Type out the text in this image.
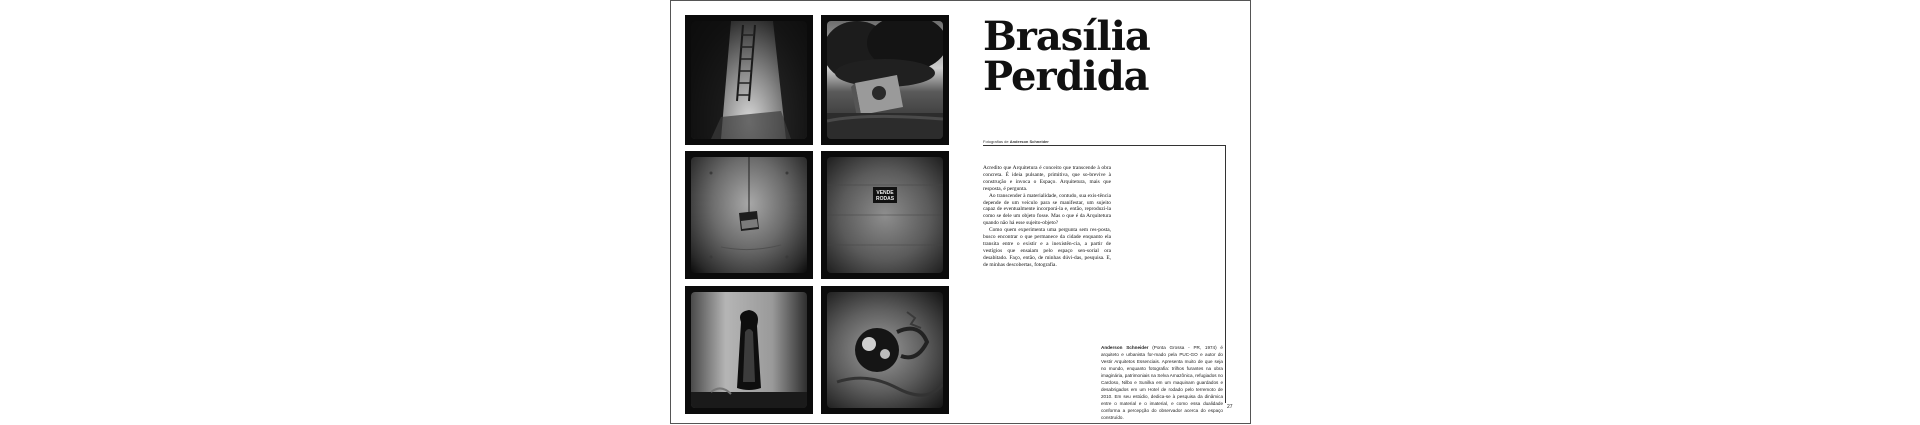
VENDE
RODAS
Brasília
Perdida
Fotografias de Anderson Schneider

Acredito que Arquitetura é conceito que transcende à obra concreta. É ideia pulsante, primitiva, que so-brevive à construção e invoca o Espaço. Arquitetura, mais que resposta, é pergunta.

Ao transcender à materialidade, contudo, sua exis-tência depende de um veículo para se manifestar, um sujeito capaz de eventualmente incorporá-la e, então, reproduzi-la como se dele um objeto fosse. Mas o que é da Arquitetura quando não há esse sujeito-objeto?

Como quem experimenta uma pergunta sem res-posta, busco encontrar o que permanece da cidade enquanto ela transita entre o existir e a inexistên-cia, a partir de vestígios que ensaiam pelo espaço sen-sorial ora desabitado. Faço, então, de minhas dúvi-das, pesquisa. E, de minhas descobertas, fotografia.

Anderson Schneider (Ponta Grossa - PR, 1974) é arquiteto e urbanista for-mado pela PUC-GO e autor do Vestir Arquitetos Essenciais. Apresenta muito de que seja no mundo, enquanto fotografia: trilhos furantes na obra imaginária, patrimoniais na Selva Amazônica, refugiados no Cardoso, Nilbo e Sunilka em um maquinam guardados e desabrigados em um Hotel de rodado pelo terremoto de 2010. Em seu estúdio, dedica-se à pesquisa da dinâmica entre o material e o imaterial, e como essa dualidade conforma a percepção do observador acerca do espaço construído.
27
